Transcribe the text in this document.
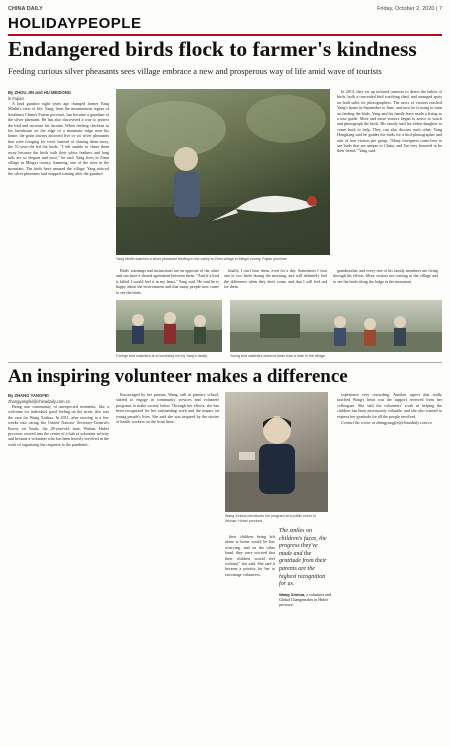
CHINA DAILY	Friday, October 2, 2020 | 7
HOLIDAYPEOPLE
Endangered birds flock to farmer's kindness

Feeding curious silver pheasants sees village embrace a new and prosperous way of life amid wave of tourists

By ZHOU JIN and HU MEIDONG
in Fujian

A loud gunshot eight years ago changed farmer Yang Minlin's view of life. Yang, from the mountainous region of Southeast China's Fujian province, has become a guardian of the silver pheasant. He has also discovered a way to protect the bird and increase his income. When feeding chickens in his farmhouse on the edge of a mountain ridge near his home, the grain always attracted five or six silver pheasants that were foraging for food. Instead of chasing them away, the 51-year-old fed the birds. "I felt unable to chase them away because the birds with their white feathers and long tails are so elegant and once," he said. Yang lives in Zimu village in Mingxi county, Sanming, one of the trees in the mountain. The birds have amazed the village. Yang noticed the silver pheasants had stopped coming after the gunshot.

Yang Minlin watches a silver pheasant feeding in the valley at Zimu village in Mingxi county, Fujian province.

In 2014, they set up infrared cameras to detect the habits of birds, built a concealed bird watching shed, and arranged spots on both sides for photographers. The news of visitors reached Yang's home in September to June, and now he is using to train on feeding the birds. Yang and his family have made a living as a tour guide. More and more visitors began to arrive to watch and photograph the birds. His family said his eldest daughter to come back to help. They can also discuss each other. Yang Hongliang said he guides the birds for a bird photographer and rule of four visitors per group. "Many foreigners come here to see birds that are unique to China, and I'm very honored to be their friend," Yang said.

Birds' warnings and instructions are an opposite of the other and can have a shared agreement between them. "And if a bird is killed I would feel it in my heart," Yang said. He said he is happy about the environment and that many people now come to see the birds.

finally, I can't hear them, even for a day. Sometimes I visit one or two birds during the morning, and will definitely feel the difference when they don't come, and that I will feel sad for them.

grandmother and every one of his family members are living through his efforts. More visitors are coming to the village and to see the birds along the lodge in the mountain.

Foreign bird watchers at a homestay run by Yang's family.	Young bird watchers observe birds from a hide in the village.
An inspiring volunteer makes a difference
By ZHANG YANGFEI
zhangyangfei@chinadaily.com.cn

Being one community of unexpected moments, like a welcome for individual good feeling on the street, this was the case for Wang Xinhua. In 2011, after moving to a few weeks into caring the United Nations' Secretary-General's Envoy on Youth, the 28-year-old from Wuhan, Hubei province, moved into the center of a hub of volunteer activity and became a volunteer who has been heavily involved in the work of organizing the response to the pandemic.

Encouraged by her parents, Wang, still in primary school, started to engage in community services and volunteer programs to make society better. Through her efforts, she has been recognized for her outstanding work and the impact on young people's lives. She said she was inspired by the stories of health workers on the front lines.

Wang Xinhua introduces her program at a public event in Wuhan, Hubei province.

their children being left alone at home would be less worrying, and on the other hand, they were worried that their children would feel isolated," she said. She said it became a priority for her to encourage volunteers.

The smiles on children's faces, the progress they've made and the gratitude from their parents are the highest recognition for us.
Wang Xinhua, a volunteer and Global Changemaker in Hubei province

experience very rewarding. Another aspect that really touched Wang's heart was the support received from her colleagues. She said the volunteers' work in helping the children has been enormously valuable, and she also wanted to express her gratitude for all the people involved.

Contact the writer at zhangyangfei@chinadaily.com.cn
